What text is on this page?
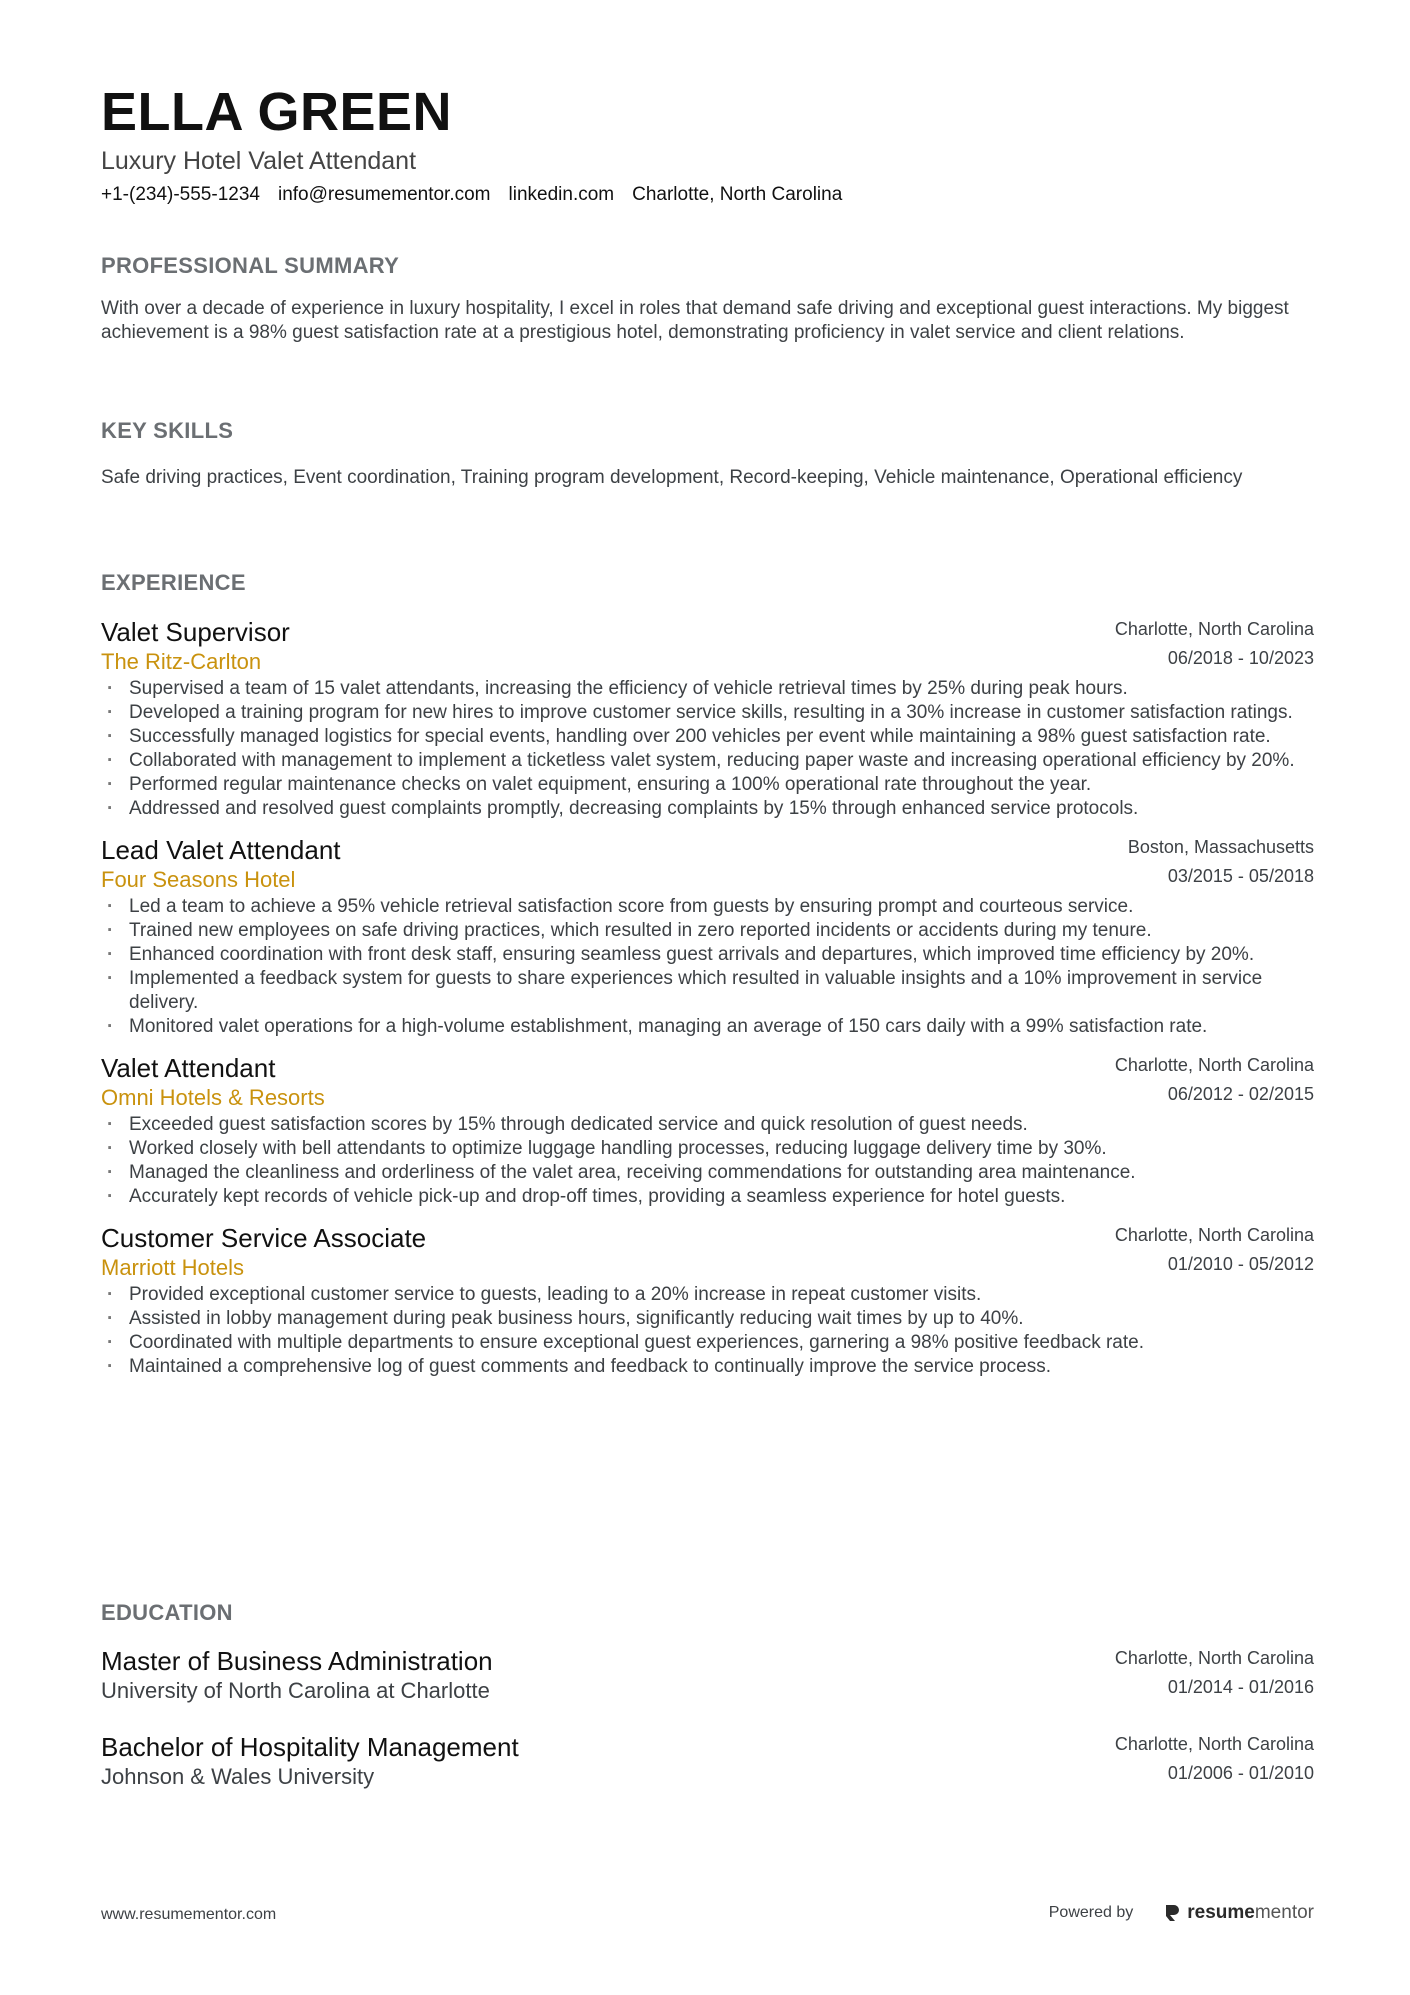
ELLA GREEN
Luxury Hotel Valet Attendant
+1-(234)-555-1234 info@resumementor.com linkedin.com Charlotte, North Carolina
PROFESSIONAL SUMMARY
With over a decade of experience in luxury hospitality, I excel in roles that demand safe driving and exceptional guest interactions. My biggest achievement is a 98% guest satisfaction rate at a prestigious hotel, demonstrating proficiency in valet service and client relations.
KEY SKILLS
Safe driving practices, Event coordination, Training program development, Record-keeping, Vehicle maintenance, Operational efficiency
EXPERIENCE
Valet Supervisor
The Ritz-Carlton
Charlotte, North Carolina
06/2018 - 10/2023
· Supervised a team of 15 valet attendants, increasing the efficiency of vehicle retrieval times by 25% during peak hours.
· Developed a training program for new hires to improve customer service skills, resulting in a 30% increase in customer satisfaction ratings.
· Successfully managed logistics for special events, handling over 200 vehicles per event while maintaining a 98% guest satisfaction rate.
· Collaborated with management to implement a ticketless valet system, reducing paper waste and increasing operational efficiency by 20%.
· Performed regular maintenance checks on valet equipment, ensuring a 100% operational rate throughout the year.
· Addressed and resolved guest complaints promptly, decreasing complaints by 15% through enhanced service protocols.
Lead Valet Attendant
Four Seasons Hotel
Boston, Massachusetts
03/2015 - 05/2018
· Led a team to achieve a 95% vehicle retrieval satisfaction score from guests by ensuring prompt and courteous service.
· Trained new employees on safe driving practices, which resulted in zero reported incidents or accidents during my tenure.
· Enhanced coordination with front desk staff, ensuring seamless guest arrivals and departures, which improved time efficiency by 20%.
· Implemented a feedback system for guests to share experiences which resulted in valuable insights and a 10% improvement in service delivery.
· Monitored valet operations for a high-volume establishment, managing an average of 150 cars daily with a 99% satisfaction rate.
Valet Attendant
Omni Hotels & Resorts
Charlotte, North Carolina
06/2012 - 02/2015
· Exceeded guest satisfaction scores by 15% through dedicated service and quick resolution of guest needs.
· Worked closely with bell attendants to optimize luggage handling processes, reducing luggage delivery time by 30%.
· Managed the cleanliness and orderliness of the valet area, receiving commendations for outstanding area maintenance.
· Accurately kept records of vehicle pick-up and drop-off times, providing a seamless experience for hotel guests.
Customer Service Associate
Marriott Hotels
Charlotte, North Carolina
01/2010 - 05/2012
· Provided exceptional customer service to guests, leading to a 20% increase in repeat customer visits.
· Assisted in lobby management during peak business hours, significantly reducing wait times by up to 40%.
· Coordinated with multiple departments to ensure exceptional guest experiences, garnering a 98% positive feedback rate.
· Maintained a comprehensive log of guest comments and feedback to continually improve the service process.
EDUCATION
Master of Business Administration
University of North Carolina at Charlotte
Charlotte, North Carolina
01/2014 - 01/2016
Bachelor of Hospitality Management
Johnson & Wales University
Charlotte, North Carolina
01/2006 - 01/2010
www.resumementor.com	Powered by	resumementor
